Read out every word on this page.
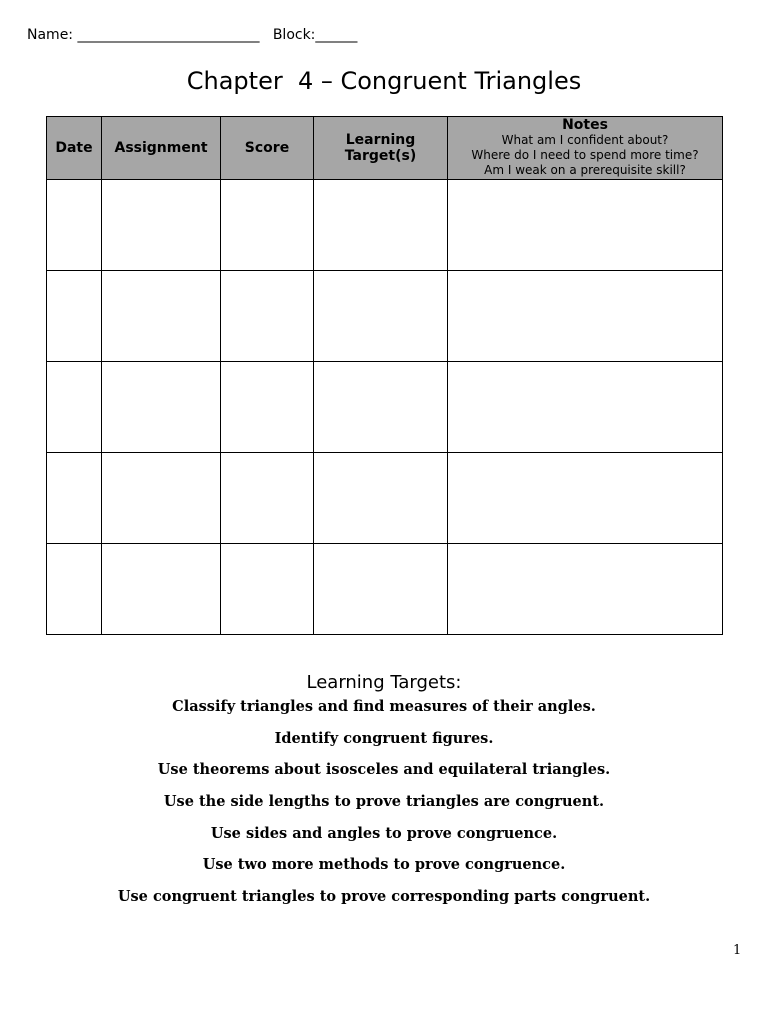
Name: __________________________   Block:______
Chapter  4 – Congruent Triangles
Date	Assignment	Score	Learning Target(s)	Notes
What am I confident about?
Where do I need to spend more time?
Am I weak on a prerequisite skill?

Learning Targets:
Classify triangles and find measures of their angles.
Identify congruent figures.
Use theorems about isosceles and equilateral triangles.
Use the side lengths to prove triangles are congruent.
Use sides and angles to prove congruence.
Use two more methods to prove congruence.
Use congruent triangles to prove corresponding parts congruent.
1
